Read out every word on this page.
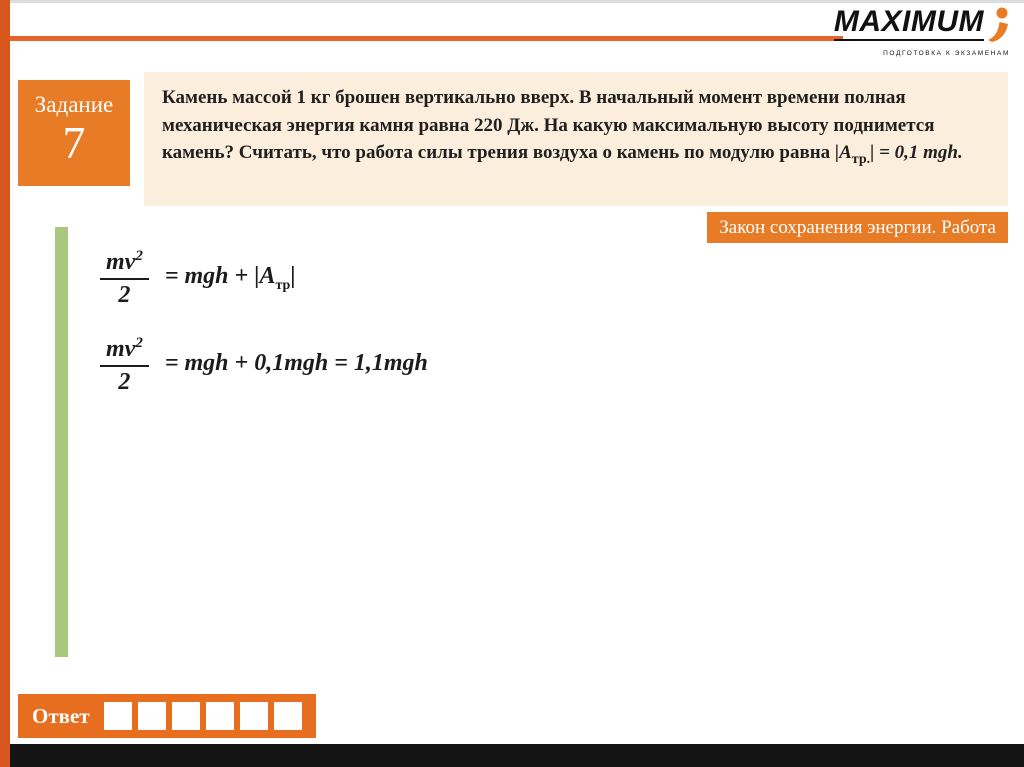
MAXIMUM
ПОДГОТОВКА К ЭКЗАМЕНАМ
Задание
7
Камень массой 1 кг брошен вертикально вверх. В начальный момент времени полная механическая энергия камня равна 220 Дж. На какую максимальную высоту поднимется камень? Считать, что работа силы трения воздуха о камень по модулю равна $|A_{тр.}| = 0,1$ mgh.
Закон сохранения энергии. Работа
$\frac{mv^2}{2}$ = mgh + $|A_{тр}|$
$\frac{mv^2}{2}$ = mgh + 0,1mgh = 1,1mgh
Ответ
